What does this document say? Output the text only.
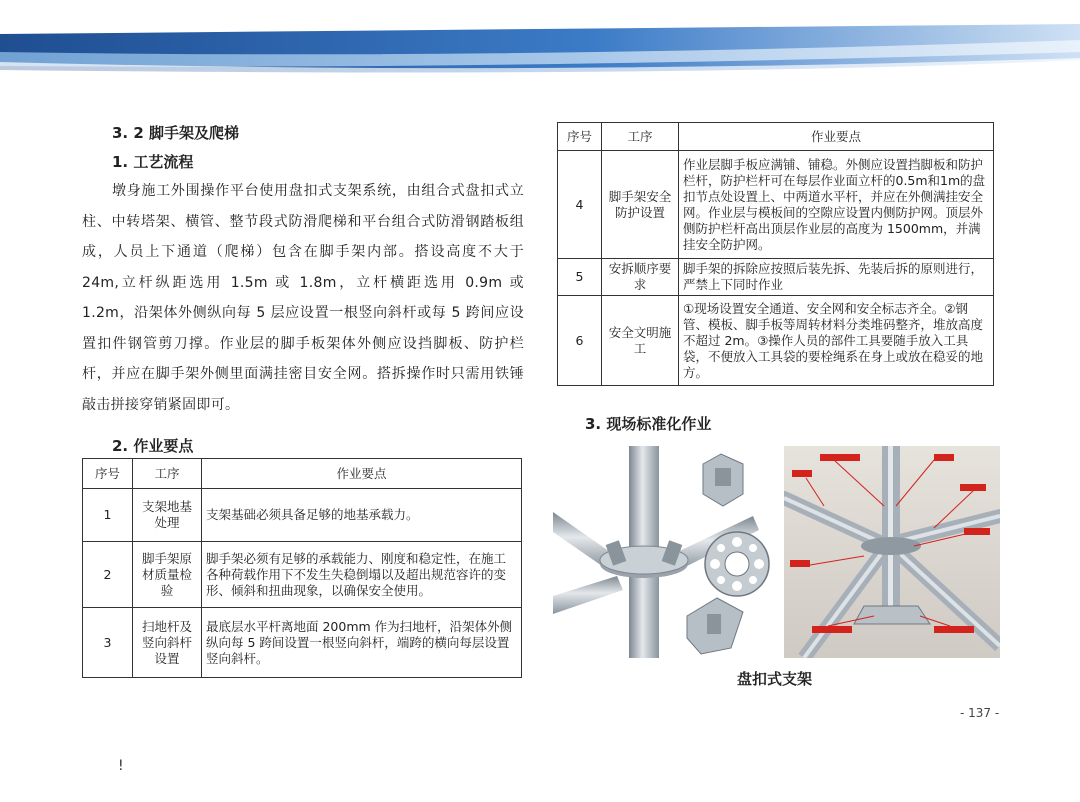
3. 2 脚手架及爬梯
1. 工艺流程

墩身施工外围操作平台使用盘扣式支架系统，由组合式盘扣式立柱、中转塔架、横管、整节段式防滑爬梯和平台组合式防滑钢踏板组成，人员上下通道（爬梯）包含在脚手架内部。搭设高度不大于 24m,立杆纵距选用 1.5m 或 1.8m，立杆横距选用 0.9m 或 1.2m，沿架体外侧纵向每 5 层应设置一根竖向斜杆或每 5 跨间应设置扣件钢管剪刀撑。作业层的脚手板架体外侧应设挡脚板、防护栏杆，并应在脚手架外侧里面满挂密目安全网。搭拆操作时只需用铁锤敲击拼接穿销紧固即可。

2. 作业要点
序号	工序	作业要点
1	支架地基处理	支架基础必须具备足够的地基承载力。
2	脚手架原材质量检验	脚手架必须有足够的承载能力、刚度和稳定性，在施工各种荷载作用下不发生失稳倒塌以及超出规范容许的变形、倾斜和扭曲现象，以确保安全使用。
3	扫地杆及竖向斜杆设置	最底层水平杆离地面 200mm 作为扫地杆，沿架体外侧纵向每 5 跨间设置一根竖向斜杆，端跨的横向每层设置竖向斜杆。
序号	工序	作业要点
4	脚手架安全防护设置	作业层脚手板应满铺、铺稳。外侧应设置挡脚板和防护栏杆，防护栏杆可在每层作业面立杆的0.5m和1m的盘扣节点处设置上、中两道水平杆，并应在外侧满挂安全网。作业层与模板间的空隙应设置内侧防护网。顶层外侧防护栏杆高出顶层作业层的高度为 1500mm，并满挂安全防护网。
5	安拆顺序要求	脚手架的拆除应按照后装先拆、先装后拆的原则进行，严禁上下同时作业
6	安全文明施工	①现场设置安全通道、安全网和安全标志齐全。②钢管、模板、脚手板等周转材料分类堆码整齐，堆放高度不超过 2m。③操作人员的部件工具要随手放入工具袋，不便放入工具袋的要栓绳系在身上或放在稳妥的地方。
3. 现场标准化作业
盘扣式支架
- 137 -
!
